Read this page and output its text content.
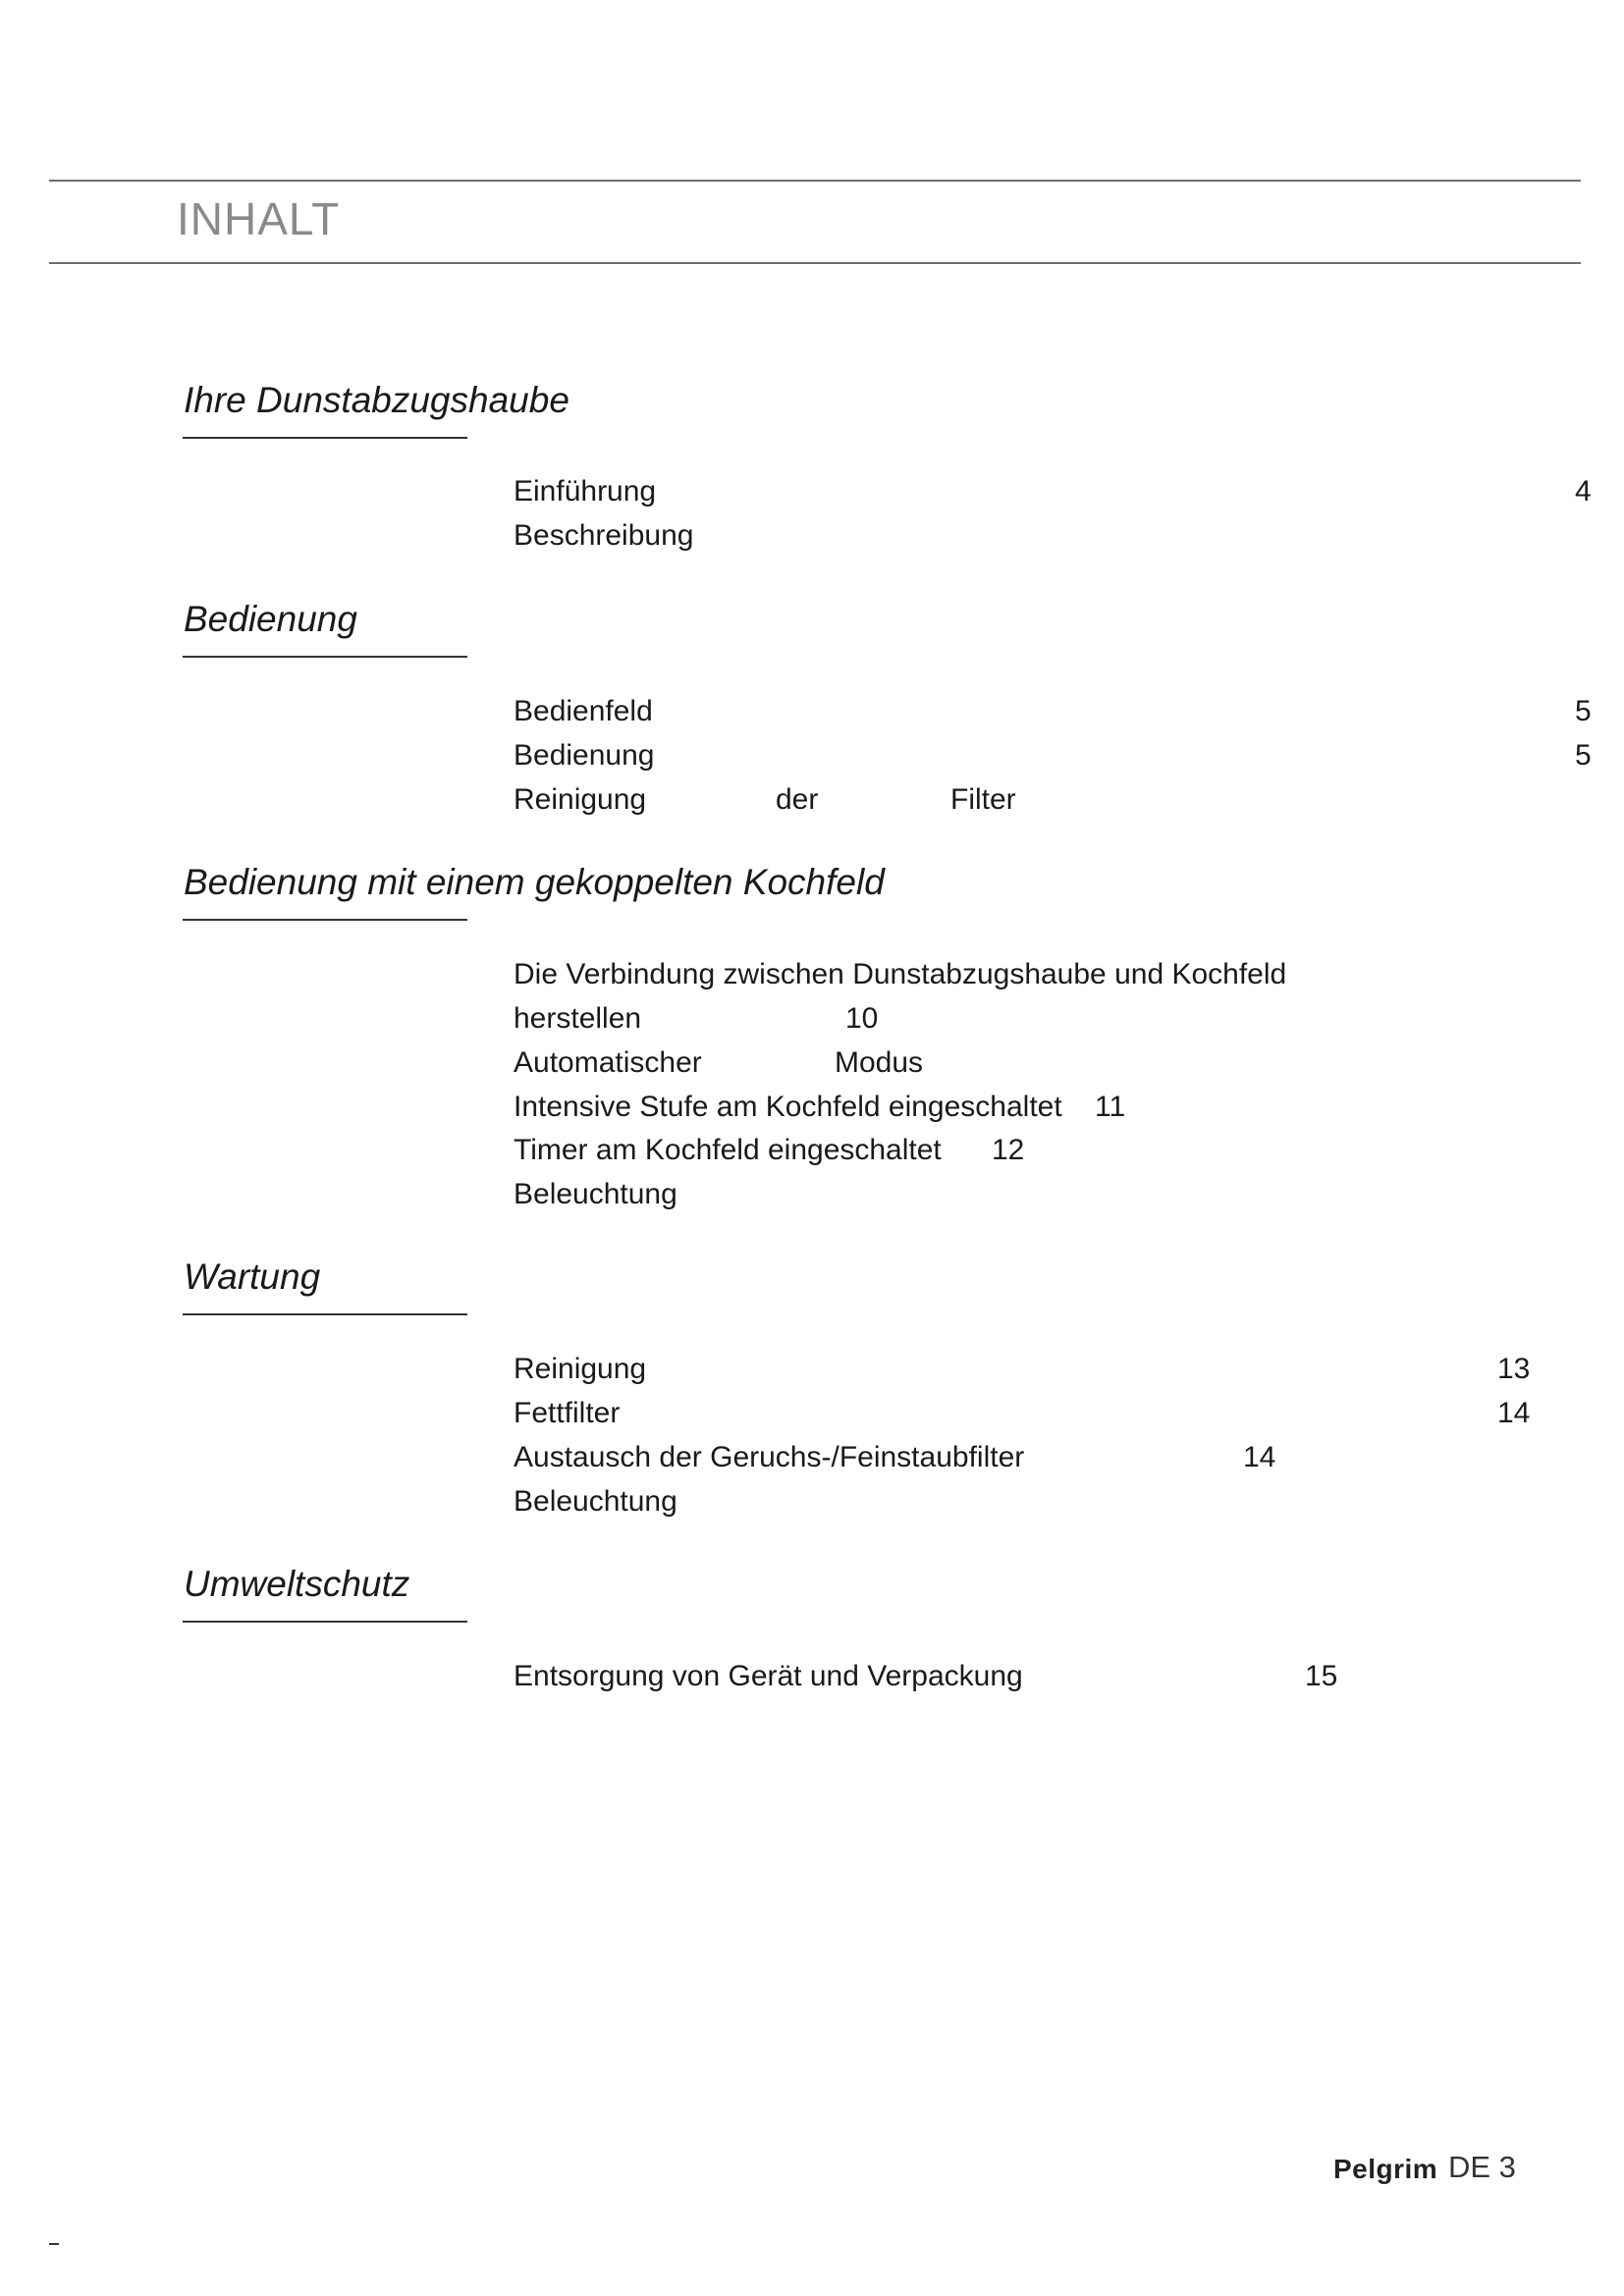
INHALT
Ihre Dunstabzugshaube
Einführung	4
Beschreibung
Bedienung
Bedienfeld	5
Bedienung	5
Reinigung	der	Filter
Bedienung mit einem gekoppelten Kochfeld
Die Verbindung zwischen Dunstabzugshaube und Kochfeld
herstellen	10
Automatischer	Modus
Intensive Stufe am Kochfeld eingeschaltet 11
Timer am Kochfeld eingeschaltet 12
Beleuchtung
Wartung
Reinigung	13
Fettfilter	14
Austausch der Geruchs-/Feinstaubfilter	14
Beleuchtung
Umweltschutz
Entsorgung von Gerät und Verpackung	15
Pelgrim DE 3
